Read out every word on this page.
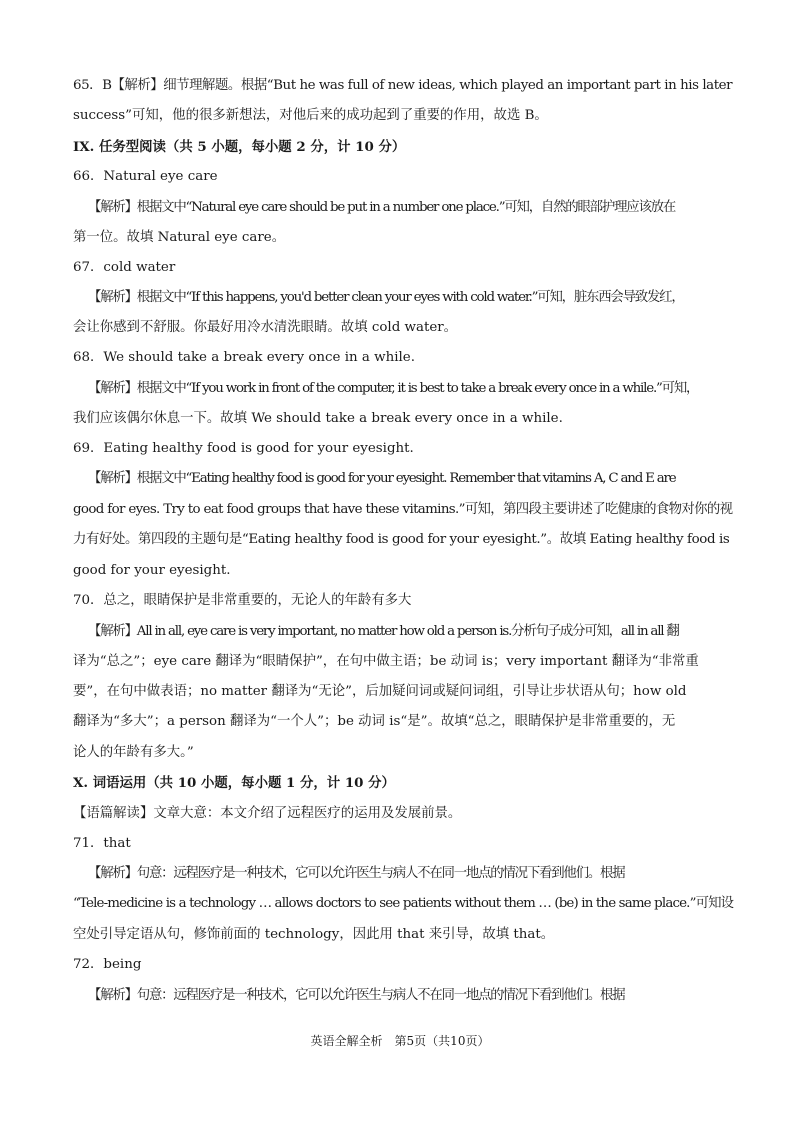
65．B【解析】细节理解题。根据“But he was full of new ideas, which played an important part in his later
success”可知，他的很多新想法，对他后来的成功起到了重要的作用，故选 B。
IX. 任务型阅读（共 5 小题，每小题 2 分，计 10 分）
66．Natural eye care
【解析】根据文中“Natural eye care should be put in a number one place.”可知，自然的眼部护理应该放在
第一位。故填 Natural eye care。
67．cold water
【解析】根据文中“If this happens, you'd better clean your eyes with cold water.”可知，脏东西会导致发红，
会让你感到不舒服。你最好用冷水清洗眼睛。故填 cold water。
68．We should take a break every once in a while.
【解析】根据文中“If you work in front of the computer, it is best to take a break every once in a while.”可知，
我们应该偶尔休息一下。故填 We should take a break every once in a while.
69．Eating healthy food is good for your eyesight.
【解析】根据文中“Eating healthy food is good for your eyesight. Remember that vitamins A, C and E are
good for eyes. Try to eat food groups that have these vitamins.”可知，第四段主要讲述了吃健康的食物对你的视
力有好处。第四段的主题句是“Eating healthy food is good for your eyesight.”。故填 Eating healthy food is
good for your eyesight.
70．总之，眼睛保护是非常重要的，无论人的年龄有多大
【解析】All in all, eye care is very important, no matter how old a person is.分析句子成分可知，all in all 翻
译为“总之”；eye care 翻译为“眼睛保护”，在句中做主语；be 动词 is；very important 翻译为“非常重
要”，在句中做表语；no matter 翻译为“无论”，后加疑问词或疑问词组，引导让步状语从句；how old
翻译为“多大”；a person 翻译为“一个人”；be 动词 is“是”。故填“总之，眼睛保护是非常重要的，无
论人的年龄有多大。”
X. 词语运用（共 10 小题，每小题 1 分，计 10 分）
【语篇解读】文章大意：本文介绍了远程医疗的运用及发展前景。
71．that
【解析】句意：远程医疗是一种技术，它可以允许医生与病人不在同一地点的情况下看到他们。根据
“Tele-medicine is a technology … allows doctors to see patients without them … (be) in the same place.”可知设
空处引导定语从句，修饰前面的 technology，因此用 that 来引导，故填 that。
72．being
【解析】句意：远程医疗是一种技术，它可以允许医生与病人不在同一地点的情况下看到他们。根据
英语全解全析　第5页（共10页）
